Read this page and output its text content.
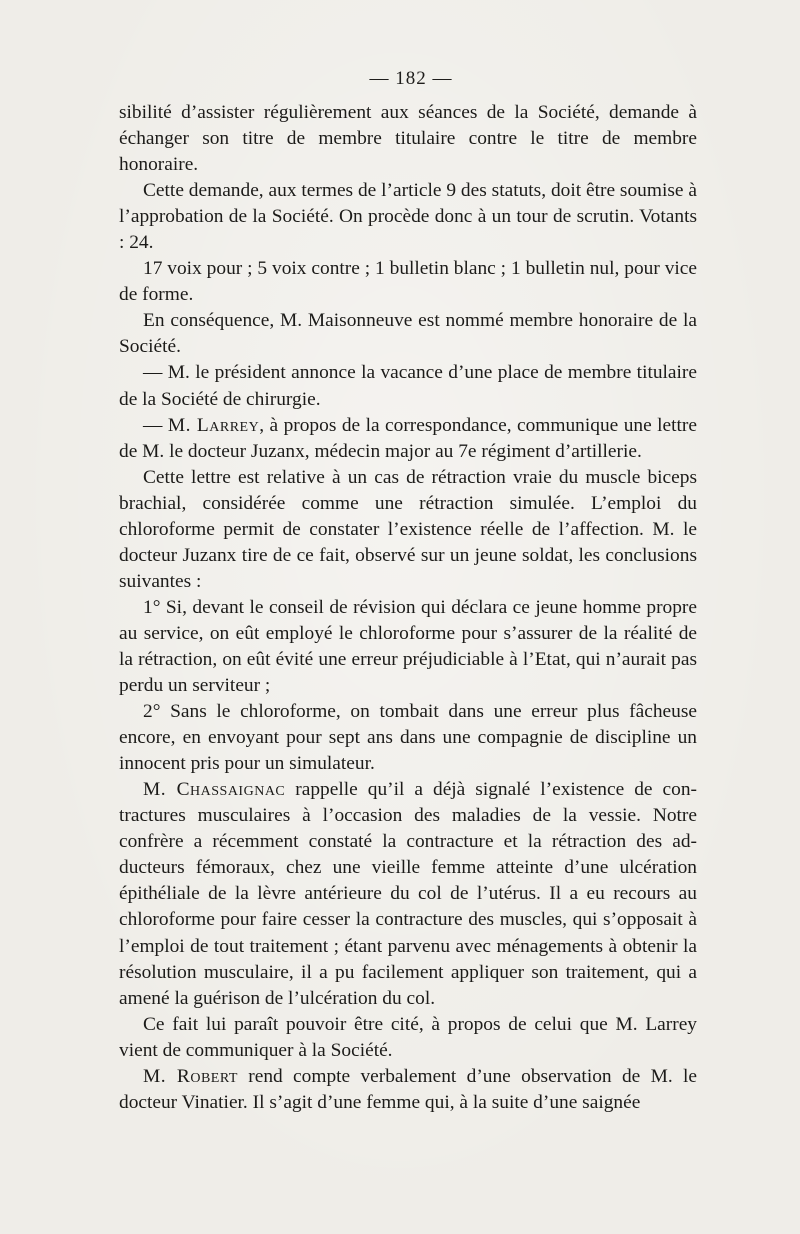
— 182 —

sibilité d’assister régulièrement aux séances de la Société, demande à échanger son titre de membre titulaire contre le titre de membre honoraire.

Cette demande, aux termes de l’article 9 des statuts, doit être soumise à l’approbation de la Société. On procède donc à un tour de scrutin. Votants : 24.

17 voix pour ; 5 voix contre ; 1 bulletin blanc ; 1 bulletin nul, pour vice de forme.

En conséquence, M. Maisonneuve est nommé membre honoraire de la Société.

— M. le président annonce la vacance d’une place de membre titulaire de la Société de chirurgie.

— M. Larrey, à propos de la correspondance, communique une lettre de M. le docteur Juzanx, médecin major au 7e régiment d’artillerie.

Cette lettre est relative à un cas de rétraction vraie du muscle biceps brachial, considérée comme une rétraction simulée. L’emploi du chloroforme permit de constater l’existence réelle de l’affection. M. le docteur Juzanx tire de ce fait, observé sur un jeune soldat, les conclusions suivantes :

1° Si, devant le conseil de révision qui déclara ce jeune homme propre au service, on eût employé le chloroforme pour s’assurer de la réalité de la rétraction, on eût évité une erreur préjudiciable à l’Etat, qui n’aurait pas perdu un serviteur ;

2° Sans le chloroforme, on tombait dans une erreur plus fâcheuse encore, en envoyant pour sept ans dans une compagnie de discipline un innocent pris pour un simulateur.

M. Chassaignac rappelle qu’il a déjà signalé l’existence de contractures musculaires à l’occasion des maladies de la vessie. Notre confrère a récemment constaté la contracture et la rétraction des adducteurs fémoraux, chez une vieille femme atteinte d’une ulcération épithéliale de la lèvre antérieure du col de l’utérus. Il a eu recours au chloroforme pour faire cesser la contracture des muscles, qui s’opposait à l’emploi de tout traitement ; étant parvenu avec ménagements à obtenir la résolution musculaire, il a pu facilement appliquer son traitement, qui a amené la guérison de l’ulcération du col.

Ce fait lui paraît pouvoir être cité, à propos de celui que M. Larrey vient de communiquer à la Société.

M. Robert rend compte verbalement d’une observation de M. le docteur Vinatier. Il s’agit d’une femme qui, à la suite d’une saignée
